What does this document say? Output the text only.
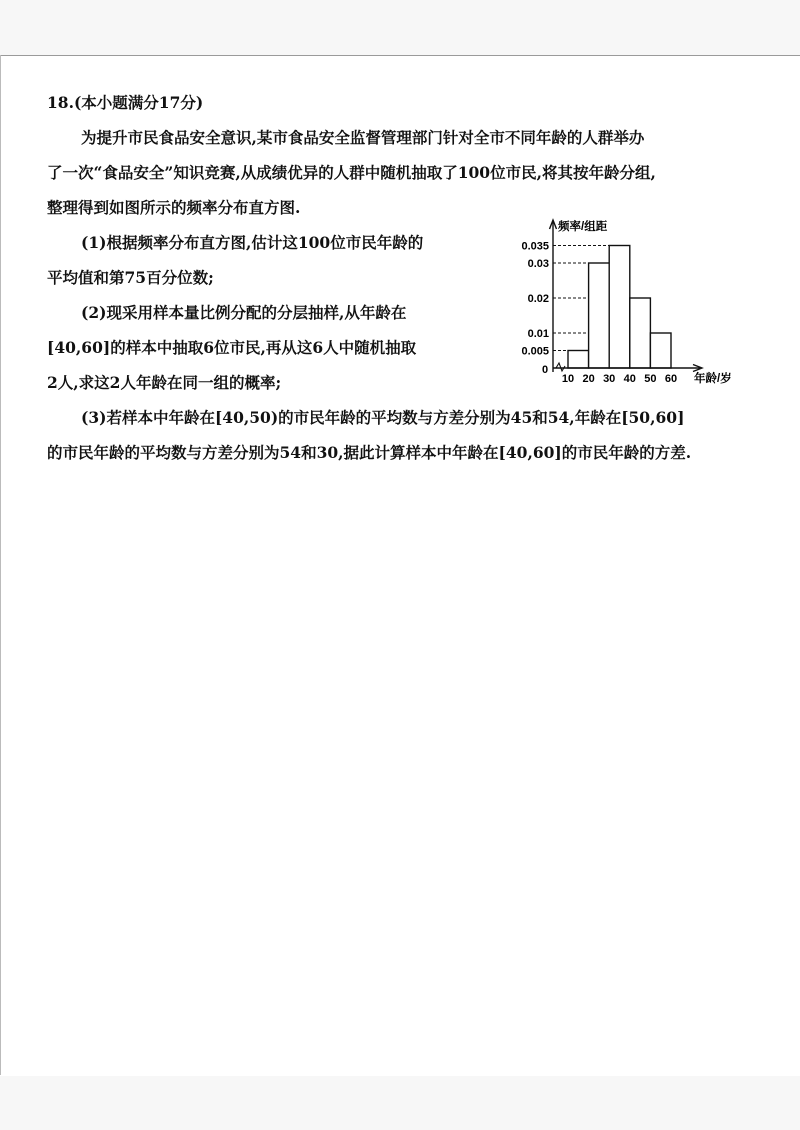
18.(本小题满分17分)
为提升市民食品安全意识,某市食品安全监督管理部门针对全市不同年龄的人群举办
了一次“食品安全”知识竞赛,从成绩优异的人群中随机抽取了100位市民,将其按年龄分组,
整理得到如图所示的频率分布直方图.
(1)根据频率分布直方图,估计这100位市民年龄的
平均值和第75百分位数;
(2)现采用样本量比例分配的分层抽样,从年龄在
[40,60]的样本中抽取6位市民,再从这6人中随机抽取
2人,求这2人年龄在同一组的概率;
(3)若样本中年龄在[40,50)的市民年龄的平均数与方差分别为45和54,年龄在[50,60]
的市民年龄的平均数与方差分别为54和30,据此计算样本中年龄在[40,60]的市民年龄的方差.
频率/组距
年龄/岁
0
0.035
0.03
0.02
0.01
0.005
10 20 30 40 50 60
